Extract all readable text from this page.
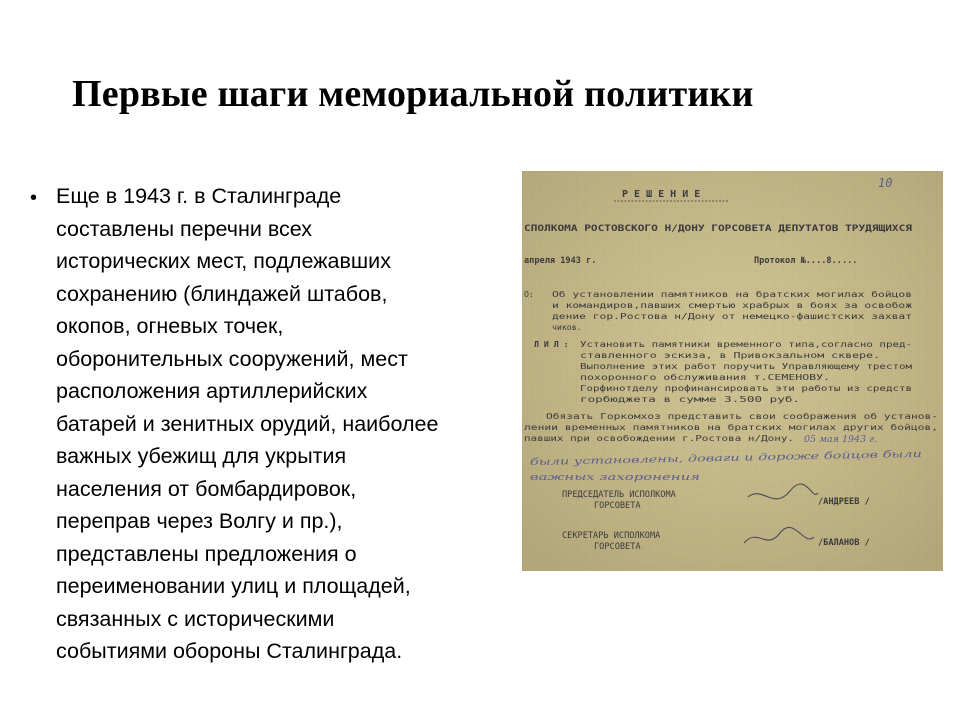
Первые шаги мемориальной политики
• Еще в 1943 г. в Сталинграде
составлены перечни всех
исторических мест, подлежавших
сохранению (блиндажей штабов,
окопов, огневых точек,
оборонительных сооружений, мест
расположения артиллерийских
батарей и зенитных орудий, наиболее
важных убежищ для укрытия
населения от бомбардировок,
переправ через Волгу и пр.),
представлены предложения о
переименовании улиц и площадей,
связанных с историческими
событиями обороны Сталинграда.
10
Р Е Ш Е Н И Е
СПОЛКОМА РОСТОВСКОГО Н/ДОНУ ГОРСОВЕТА ДЕПУТАТОВ ТРУДЯЩИХСЯ
апреля 1943 г.	Протокол №....8.....
О: Об установлении памятников на братских могилах бойцов
и командиров,павших смертью храбрых в боях за освобож
дение гор.Ростова н/Дону от немецко-фашистских захват
чиков.
Л И Л : Установить памятники временного типа,согласно пред-
ставленного эскиза, в Привокзальном сквере.
Выполнение этих работ поручить Управляющему трестом
похоронного обслуживания т.СЕМЕНОВУ.
Горфинотделу профинансировать эти работы из средств
горбюджета в сумме 3.500 руб.
Обязать Горкомхоз представить свои соображения об установ-
лении временных памятников на братских могилах других бойцов,
павших при освобождении г.Ростова н/Дону. 05 мая 1943 г.
были установлены, доваги и дороже бойцов были
важных захоронения
ПРЕДСЕДАТЕЛЬ ИСПОЛКОМА
ГОРСОВЕТА	/АНДРЕЕВ /
СЕКРЕТАРЬ ИСПОЛКОМА
ГОРСОВЕТА	/БАЛАНОВ /
